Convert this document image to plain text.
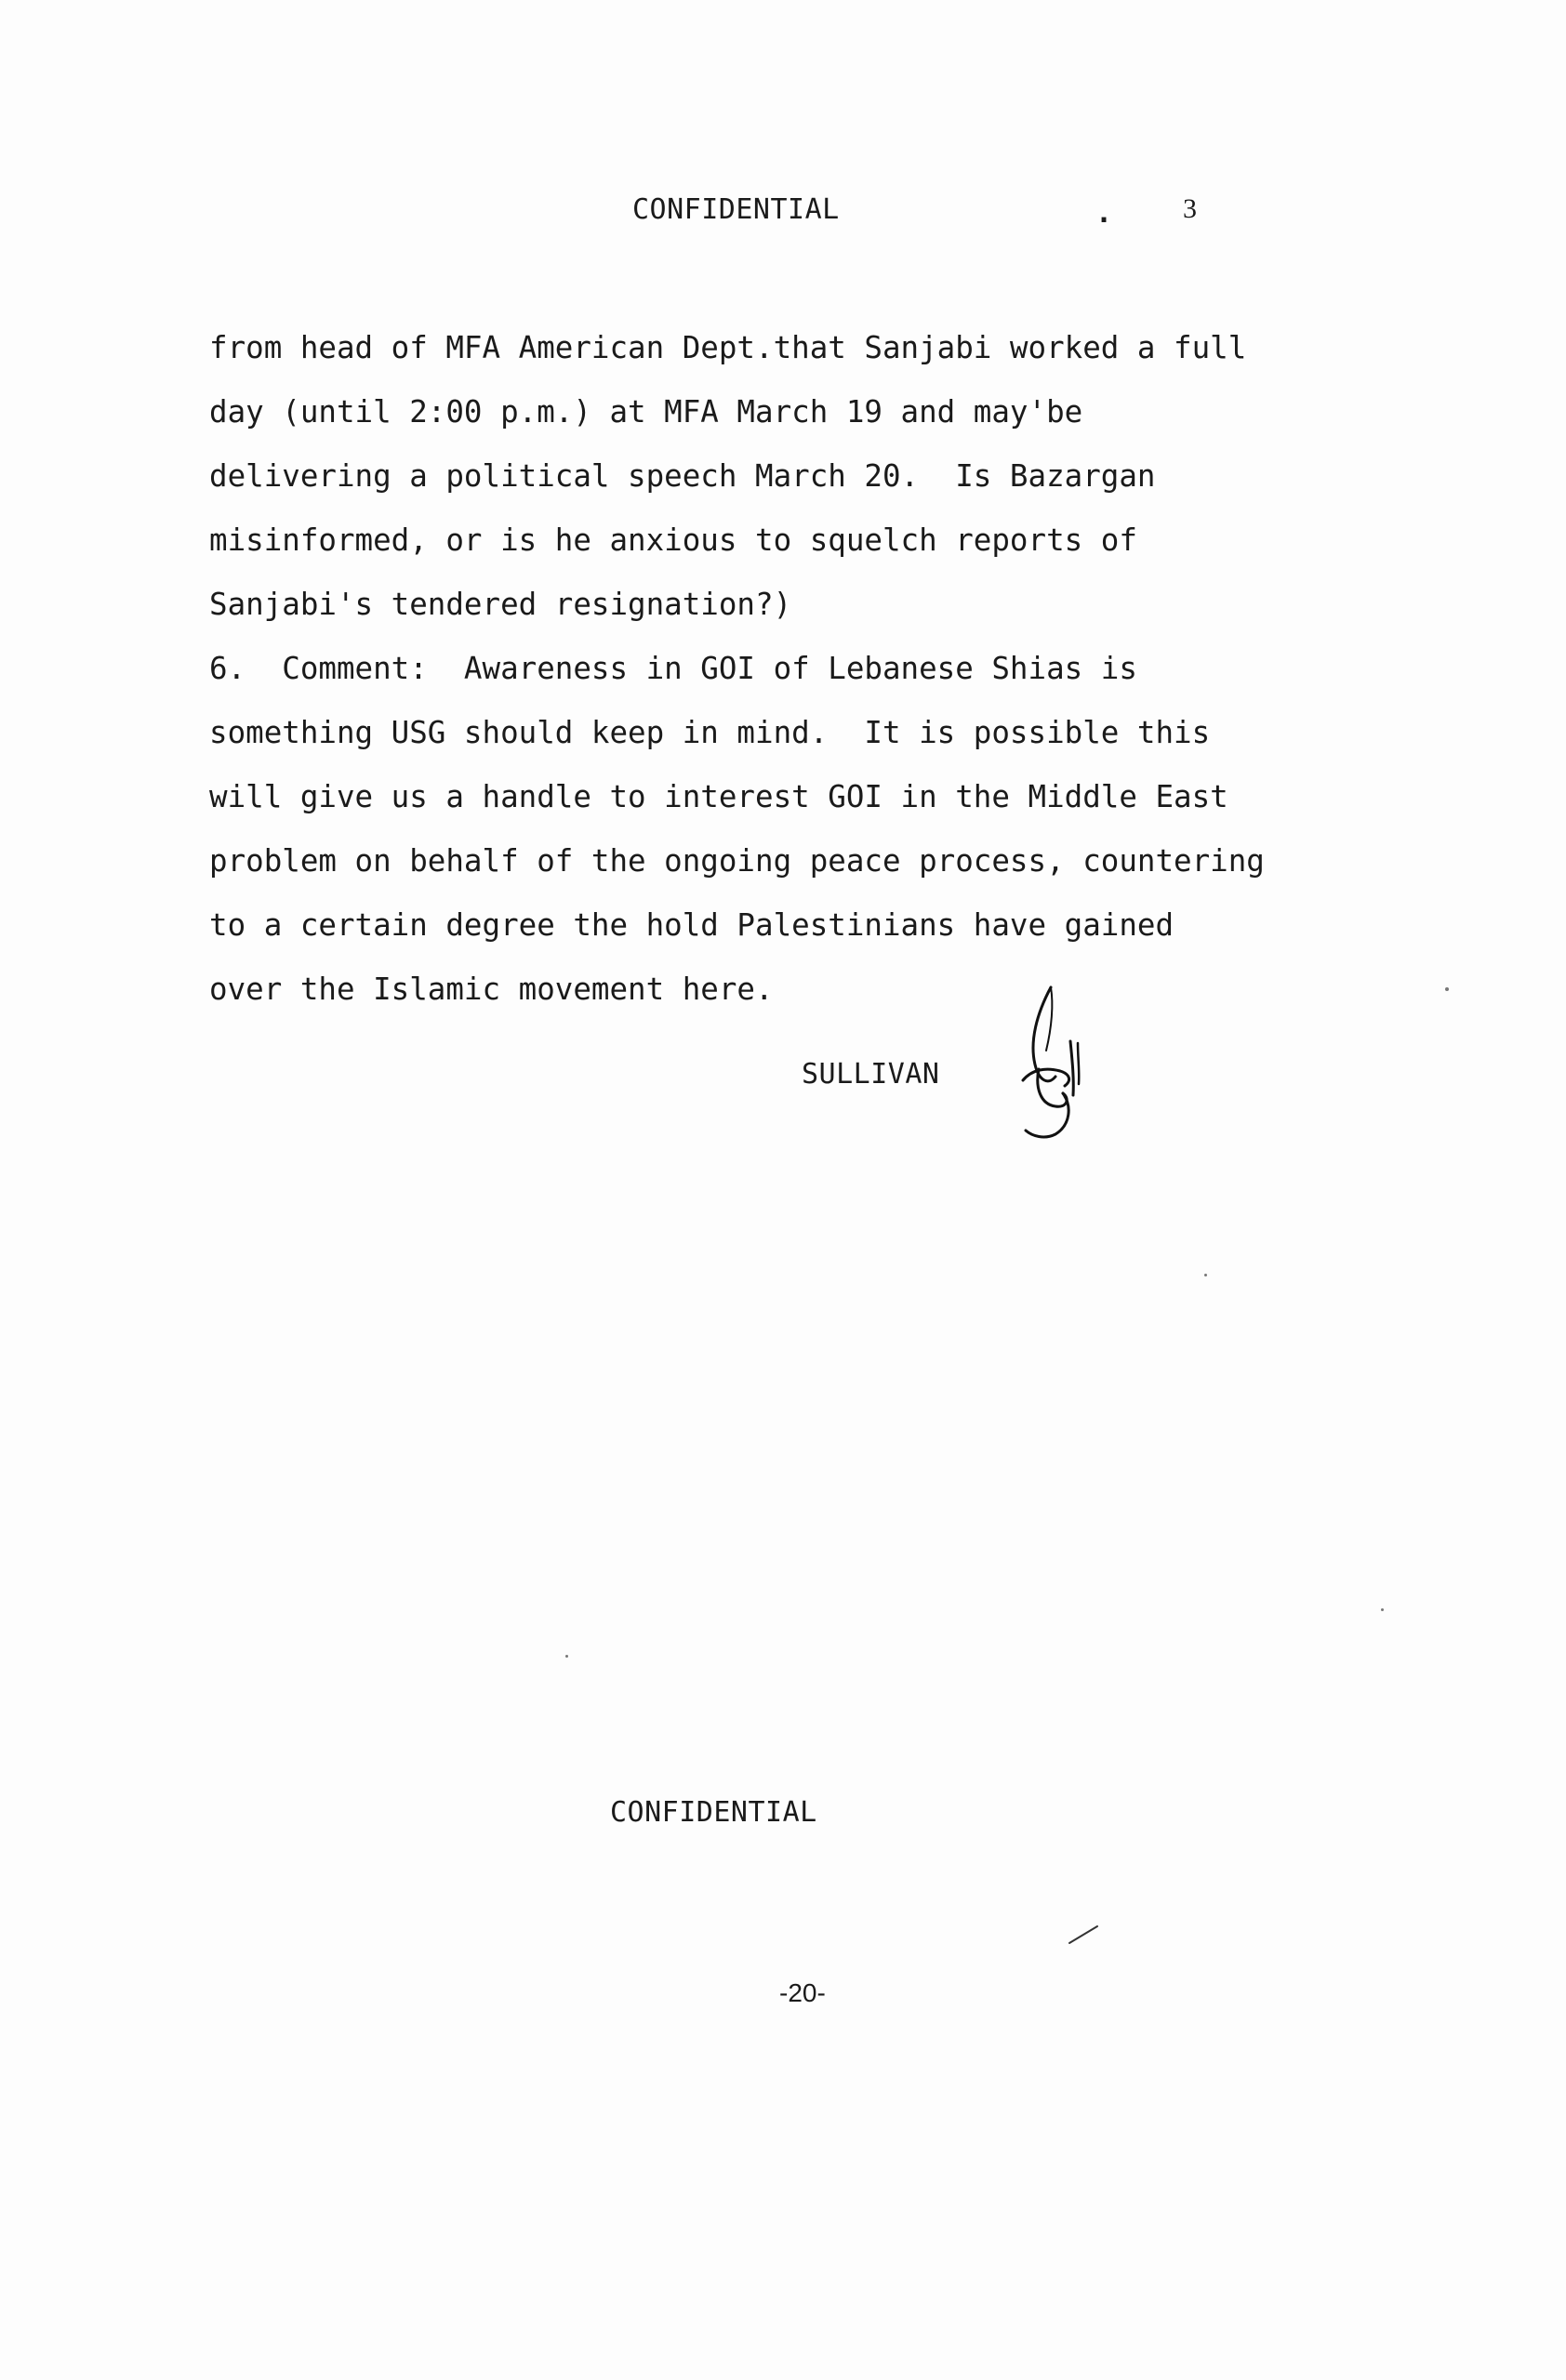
CONFIDENTIAL	.	3
from head of MFA American Dept.that Sanjabi worked a full
day (until 2:00 p.m.) at MFA March 19 and may'be
delivering a political speech March 20.  Is Bazargan
misinformed, or is he anxious to squelch reports of
Sanjabi's tendered resignation?)
6.  Comment:  Awareness in GOI of Lebanese Shias is
something USG should keep in mind.  It is possible this
will give us a handle to interest GOI in the Middle East
problem on behalf of the ongoing peace process, countering
to a certain degree the hold Palestinians have gained
over the Islamic movement here.
SULLIVAN
CONFIDENTIAL
-20-
